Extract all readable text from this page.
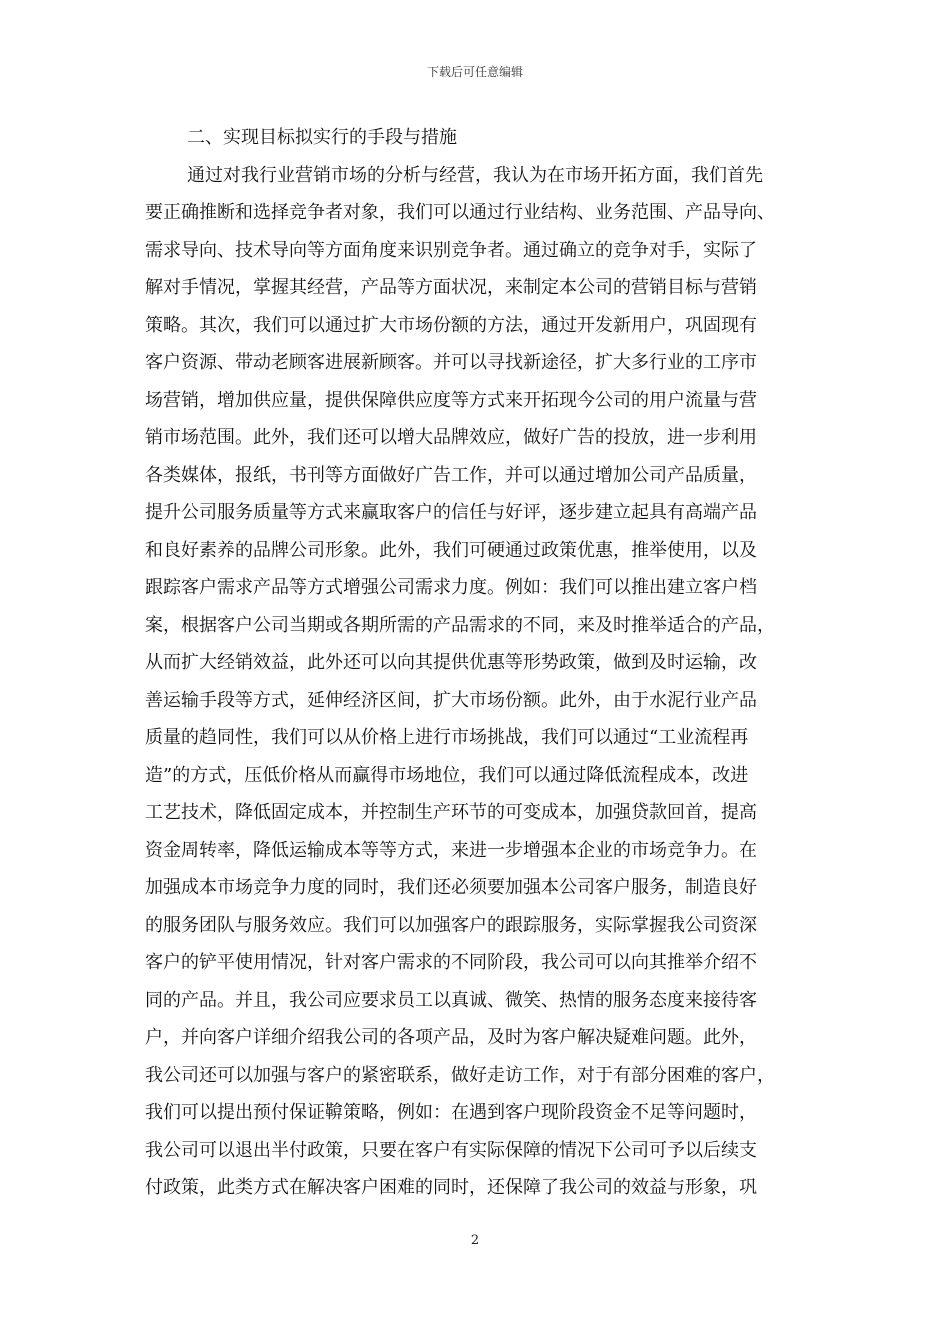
下载后可任意编辑
二、实现目标拟实行的手段与措施

通过对我行业营销市场的分析与经营，我认为在市场开拓方面，我们首先

要正确推断和选择竞争者对象，我们可以通过行业结构、业务范围、产品导向、

需求导向、技术导向等方面角度来识别竞争者。通过确立的竞争对手，实际了

解对手情况，掌握其经营，产品等方面状况，来制定本公司的营销目标与营销

策略。其次，我们可以通过扩大市场份额的方法，通过开发新用户，巩固现有

客户资源、带动老顾客进展新顾客。并可以寻找新途径，扩大多行业的工序市

场营销，增加供应量，提供保障供应度等方式来开拓现今公司的用户流量与营

销市场范围。此外，我们还可以增大品牌效应，做好广告的投放，进一步利用

各类媒体，报纸，书刊等方面做好广告工作，并可以通过增加公司产品质量，

提升公司服务质量等方式来赢取客户的信任与好评，逐步建立起具有高端产品

和良好素养的品牌公司形象。此外，我们可硬通过政策优惠，推举使用，以及

跟踪客户需求产品等方式增强公司需求力度。例如：我们可以推出建立客户档

案，根据客户公司当期或各期所需的产品需求的不同，来及时推举适合的产品，

从而扩大经销效益，此外还可以向其提供优惠等形势政策，做到及时运输，改

善运输手段等方式，延伸经济区间，扩大市场份额。此外，由于水泥行业产品

质量的趋同性，我们可以从价格上进行市场挑战，我们可以通过“工业流程再

造”的方式，压低价格从而赢得市场地位，我们可以通过降低流程成本，改进

工艺技术，降低固定成本，并控制生产环节的可变成本，加强贷款回首，提高

资金周转率，降低运输成本等等方式，来进一步增强本企业的市场竞争力。在

加强成本市场竞争力度的同时，我们还必须要加强本公司客户服务，制造良好

的服务团队与服务效应。我们可以加强客户的跟踪服务，实际掌握我公司资深

客户的铲平使用情况，针对客户需求的不同阶段，我公司可以向其推举介绍不

同的产品。并且，我公司应要求员工以真诚、微笑、热情的服务态度来接待客

户，并向客户详细介绍我公司的各项产品，及时为客户解决疑难问题。此外，

我公司还可以加强与客户的紧密联系，做好走访工作，对于有部分困难的客户，

我们可以提出预付保证鞥策略，例如：在遇到客户现阶段资金不足等问题时，

我公司可以退出半付政策，只要在客户有实际保障的情况下公司可予以后续支

付政策，此类方式在解决客户困难的同时，还保障了我公司的效益与形象，巩

2
